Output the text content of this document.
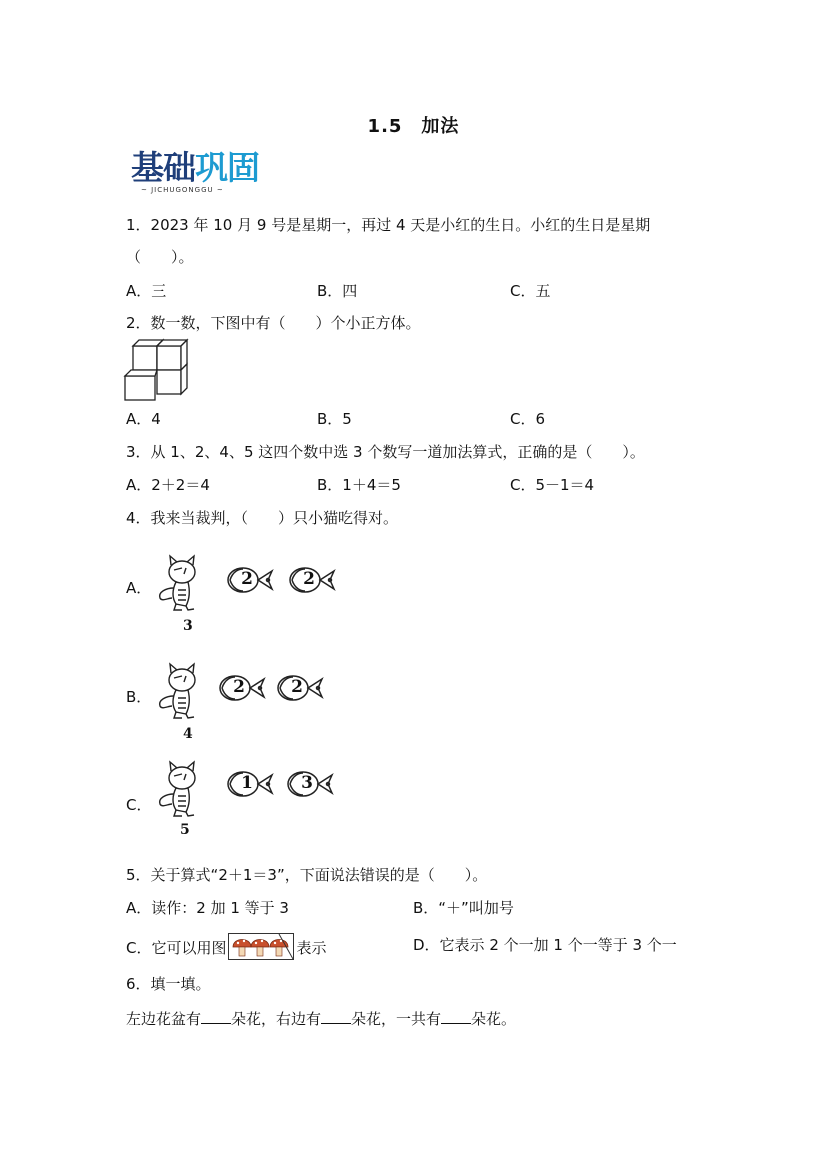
1.5　加法
基础巩固
~ JICHUGONGGU ~
1．2023 年 10 月 9 号是星期一，再过 4 天是小红的生日。小红的生日是星期
（　　）。
A．三	B．四	C．五
2．数一数，下图中有（　　）个小正方体。
A．4	B．5	C．6
3．从 1、2、4、5 这四个数中选 3 个数写一道加法算式，正确的是（　　）。
A．2＋2＝4	B．1＋4＝5	C．5－1＝4
4．我来当裁判，（　　）只小猫吃得对。
A．
3
2	2
B．
4
2	2
C．
5
1	3
5．关于算式“2＋1＝3”，下面说法错误的是（　　）。
A．读作：2 加 1 等于 3	B．“＋”叫加号
C．它可以用图	表示	D．它表示 2 个一加 1 个一等于 3 个一
6．填一填。
左边花盆有 朵花，右边有 朵花，一共有 朵花。
